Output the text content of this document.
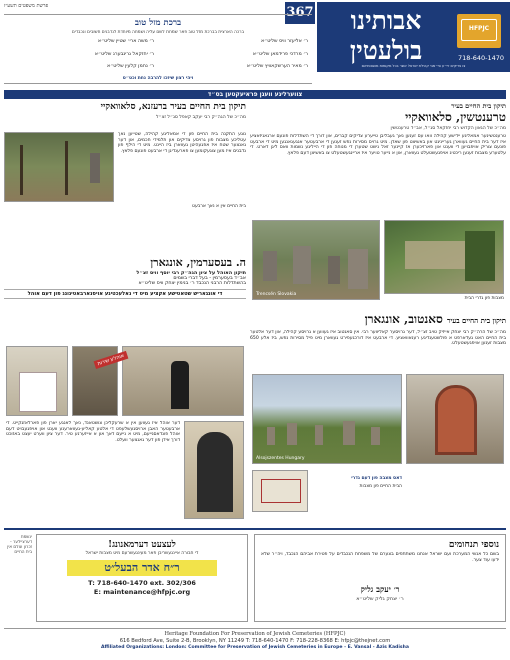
פרשת משפטים תשע״ז	367	אבותינו בולעטין
HFPJC
718-640-1470
צו צדיקים זיי״ע סי״מבי קהילת ישראל אשר בכל מקומות מושבותיהם
ברכת מזל טוב
ברכה הארצית בברכת מזל טוב פאר שמחת לשם עליה ושמחה מיוחדת לנדבנים חשובים ונכבדים
ר׳ אליעזר וויס שליט״א
ר׳ משה ארי׳ שטיין שליט״א
ר׳ מרדכי פרידמאן שליט״א
ר׳ יחזקאל גרינבערג שליט״א
ר׳ מאיר הערשקאוויץ שליט״א
ר׳ נחמן קלעין שליט״א
ויהי רצון שיזכו להרבה נחת וכט״ס
צווערליגע וועגן פראיעקטען בס״ד
תיקון בית החיים בעיר
טרענטשין, סלאוואקיי
מה״כ של הגאון הקדוש רבי יחזקאל סג״ל, אב״ד טרענטשין
טרענטשינער אמאליגע יידישע קהילה וואו עס זענען נאך געבליבן טייערע צדיקים קברים, און דורך די השתדלות פונעם ארגאניזאציע איז דער בית החיים געווארן גערייניגט און באשיצט פון שאדן. מיט גרויס מסירות נפש זענען די ארבעטער אנגעגאנגען מיט די ארבעט פונעם צוריק אויפבויען די ווענט און פארזיכערן אז קיינער זאל נישט שטערן די מנוחה פון די הייליגע נשמות וואס ליגן דארט. די עלטערע מצבות זענען ריכטיג אויפגעשטעלט געווארן, און א נייער טויער איז אריינגעשטעלט צו באשיצן דעם פלאץ.
Trencsén Slovakia
מצבות פון גדרי הבית
תיקון בית החיים בעיר ברעזנא, סלאוואקיי
מה״כ של הגה״ק רבי יעקב קאפל סג״ל זצ״ל
נוגע התקנה בית החיים פון די אמאליגע קהילה, שטייען נאך עטליכע מצבות פון גרויסע צדיקים און תלמידי חכמים, און דער גאנצער שטח איז אפגעהיטן געווארן ביז היינט. מיט די הילף פון נדבנים איז מען צוגעקומען צו פארענדיגן די ארבעט פונעם פלאץ.
בית החיים אין א נאך ארבעט
ה. בעסערמין, אונגארן
תיקון האוהל על ציון הגה״ק רבי יוסף וויס זצ״ל
אב״ד בעסערמין - בעל דברי בשמים
בהשתדלות הרבני הנכבד ר׳ בנימין יצחק וויס שליט״א
די אונגאריש שטאטישע אקציע מיט די נאלעכטיגע אויסנארבאטיגונג פון דעם אוהל
אוהלע שירות
דער אוהל איז געווען אין א שרעקליכן צושטאנד, נאך לאנגע יארן פון פארלאזנקייט. די ארבעטער האבן ארויסגעשלעפט די אלטע קאליע-געווארענע ווענט און אויפגעבויט דעם אוהל פונדאסנייעם, מיט א נייעם דאך און א אייזערנע טיר. דער ציון ווערט יעצט באזוכט דורך אידן פון דער גאנצער וועלט.
תיקון בית החיים בעיר סאנטוב, אונגארן
מה״כ של הרה״ק רבי יצחק אייזיק טויב זצ״ל, דער גרויסער קאליווער רבי. אין סאנטוב איז געווען א גרויסע קהילה, און דער אלטער בית החיים האט געדארפט א פולשטענדיגע רענאוואציע. די ארבעט איז דורכגעפירט געווארן מיט פיל מסירות נפש, ביז אלע 650 מצבות זענען אויפגעשטעלט.
Alsojszentes Hungary
דאס מצבה פון דעם גדרי
הבית החיים פון מצבות
ינשמת דערציילער - זכרון עולם אין בית החיים
לעצעט דערמאנונג!
די חבורה איינגעשריבן פאר מעינגעשרעם מיט מצבות ישראל
ר״ח אדר הבעל״ט
T: 718-640-1470 ext. 302/306
E: maintenance@hfpjc.org
נוספי תנחומים
בשם כל אנשי המערכת ועם ישראל אנחנו משתתפים בצערם של משפחת הנכבדים על פטירת אביהם הנכבד, ויה״ר שלא ידעו עוד צער.
ר׳ יעקב גליק
ר׳ יצחק גליק שליט״א
Heritage Foundation For Preservation of Jewish Cemeteries (HFPJC)
616 Bedford Ave, Suite 2-B, Brooklyn, NY 11249 T: 718-640-1470 F: 718-228-8368 E: hfpjc@thejnet.com
Affiliated Organizations: London: Committee for Preservation of Jewish Cemeteries in Europe - E. Vansal - Azis Kadisha
